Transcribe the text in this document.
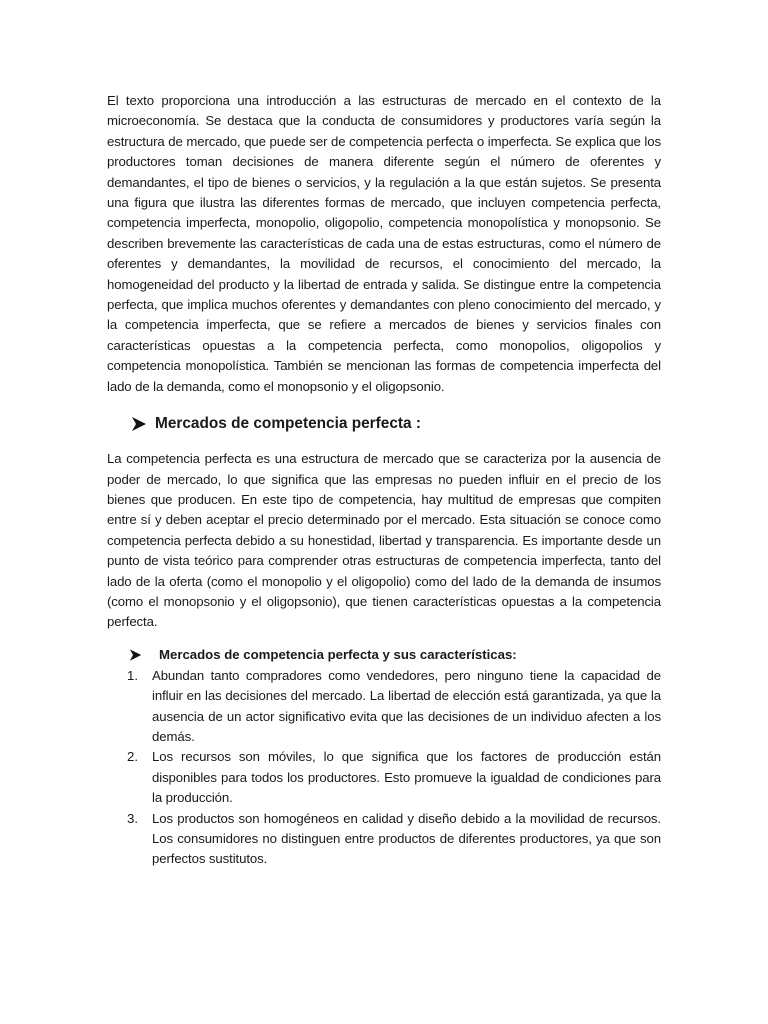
El texto proporciona una introducción a las estructuras de mercado en el contexto de la microeconomía. Se destaca que la conducta de consumidores y productores varía según la estructura de mercado, que puede ser de competencia perfecta o imperfecta. Se explica que los productores toman decisiones de manera diferente según el número de oferentes y demandantes, el tipo de bienes o servicios, y la regulación a la que están sujetos. Se presenta una figura que ilustra las diferentes formas de mercado, que incluyen competencia perfecta, competencia imperfecta, monopolio, oligopolio, competencia monopolística y monopsonio. Se describen brevemente las características de cada una de estas estructuras, como el número de oferentes y demandantes, la movilidad de recursos, el conocimiento del mercado, la homogeneidad del producto y la libertad de entrada y salida. Se distingue entre la competencia perfecta, que implica muchos oferentes y demandantes con pleno conocimiento del mercado, y la competencia imperfecta, que se refiere a mercados de bienes y servicios finales con características opuestas a la competencia perfecta, como monopolios, oligopolios y competencia monopolística. También se mencionan las formas de competencia imperfecta del lado de la demanda, como el monopsonio y el oligopsonio.

Mercados de competencia perfecta :

La competencia perfecta es una estructura de mercado que se caracteriza por la ausencia de poder de mercado, lo que significa que las empresas no pueden influir en el precio de los bienes que producen. En este tipo de competencia, hay multitud de empresas que compiten entre sí y deben aceptar el precio determinado por el mercado. Esta situación se conoce como competencia perfecta debido a su honestidad, libertad y transparencia. Es importante desde un punto de vista teórico para comprender otras estructuras de competencia imperfecta, tanto del lado de la oferta (como el monopolio y el oligopolio) como del lado de la demanda de insumos (como el monopsonio y el oligopsonio), que tienen características opuestas a la competencia perfecta.

Mercados de competencia perfecta y sus características:
1. Abundan tanto compradores como vendedores, pero ninguno tiene la capacidad de influir en las decisiones del mercado. La libertad de elección está garantizada, ya que la ausencia de un actor significativo evita que las decisiones de un individuo afecten a los demás.

2. Los recursos son móviles, lo que significa que los factores de producción están disponibles para todos los productores. Esto promueve la igualdad de condiciones para la producción.

3. Los productos son homogéneos en calidad y diseño debido a la movilidad de recursos. Los consumidores no distinguen entre productos de diferentes productores, ya que son perfectos sustitutos.
